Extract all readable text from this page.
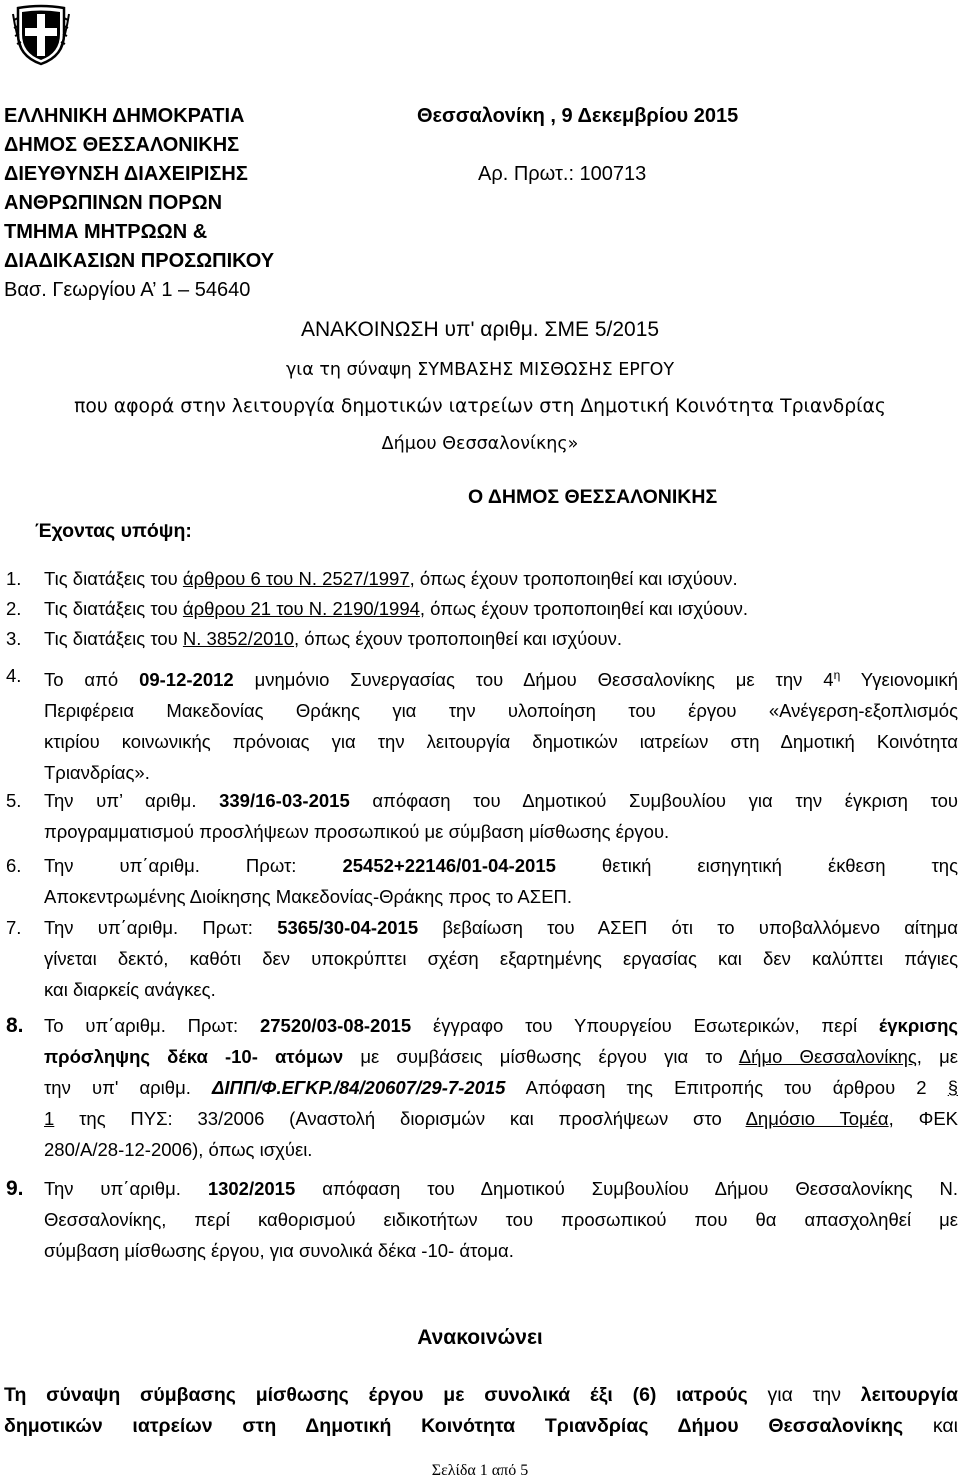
ΕΛΛΗΝΙΚΗ ΔΗΜΟΚΡΑΤΙΑ
ΔΗΜΟΣ ΘΕΣΣΑΛΟΝΙΚΗΣ
ΔΙΕΥΘΥΝΣΗ ΔΙΑΧΕΙΡΙΣΗΣ
ΑΝΘΡΩΠΙΝΩΝ ΠΟΡΩΝ
ΤΜΗΜΑ ΜΗΤΡΩΩΝ &
ΔΙΑΔΙΚΑΣΙΩΝ ΠΡΟΣΩΠΙΚΟΥ
Βασ. Γεωργίου Α’ 1 – 54640
Θεσσαλονίκη , 9 Δεκεμβρίου 2015
Αρ. Πρωτ.: 100713
ΑΝΑΚΟΙΝΩΣΗ υπ' αριθμ. ΣΜΕ 5/2015
για τη σύναψη ΣΥΜΒΑΣΗΣ ΜΙΣΘΩΣΗΣ ΕΡΓΟΥ
που αφορά στην λειτουργία δημοτικών ιατρείων στη Δημοτική Κοινότητα Τριανδρίας
Δήμου Θεσσαλονίκης»
Ο ΔΗΜΟΣ ΘΕΣΣΑΛΟΝΙΚΗΣ
Έχοντας υπόψη:
1. Τις διατάξεις του άρθρου 6 του Ν. 2527/1997, όπως έχουν τροποποιηθεί και ισχύουν.
2. Τις διατάξεις του άρθρου 21 του Ν. 2190/1994, όπως έχουν τροποποιηθεί και ισχύουν.
3. Τις διατάξεις του Ν. 3852/2010, όπως έχουν τροποποιηθεί και ισχύουν.
4. Το από 09-12-2012 μνημόνιο Συνεργασίας του Δήμου Θεσσαλονίκης με την $4^\eta$ Υγειονομική
Περιφέρεια Μακεδονίας Θράκης για την υλοποίηση του έργου «Ανέγερση-εξοπλισμός
κτιρίου κοινωνικής πρόνοιας για την λειτουργία δημοτικών ιατρείων στη Δημοτική Κοινότητα
Τριανδρίας».
5. Την υπ’ αριθμ. 339/16-03-2015 απόφαση του Δημοτικού Συμβουλίου για την έγκριση του
προγραμματισμού προσλήψεων προσωπικού με σύμβαση μίσθωσης έργου.
6. Την υπ΄αριθμ. Πρωτ: 25452+22146/01-04-2015 θετική εισηγητική έκθεση της
Αποκεντρωμένης Διοίκησης Μακεδονίας-Θράκης προς το ΑΣΕΠ.
7. Την υπ΄αριθμ. Πρωτ: 5365/30-04-2015 βεβαίωση του ΑΣΕΠ ότι το υποβαλλόμενο αίτημα
γίνεται δεκτό, καθότι δεν υποκρύπτει σχέση εξαρτημένης εργασίας και δεν καλύπτει πάγιες
και διαρκείς ανάγκες.
8. Το υπ΄αριθμ. Πρωτ: 27520/03-08-2015 έγγραφο του Υπουργείου Εσωτερικών, περί έγκρισης
πρόσληψης δέκα -10- ατόμων με συμβάσεις μίσθωσης έργου για το Δήμο Θεσσαλονίκης, με
την υπ' αριθμ. ΔΙΠΠ/Φ.ΕΓΚΡ./84/20607/29-7-2015 Απόφαση της Επιτροπής του άρθρου 2 §
1 της ΠΥΣ: 33/2006 (Αναστολή διορισμών και προσλήψεων στο Δημόσιο Τομέα, ΦΕΚ
280/Α/28-12-2006), όπως ισχύει.
9. Την υπ΄αριθμ. 1302/2015 απόφαση του Δημοτικού Συμβουλίου Δήμου Θεσσαλονίκης Ν.
Θεσσαλονίκης, περί καθορισμού ειδικοτήτων του προσωπικού που θα απασχοληθεί με
σύμβαση μίσθωσης έργου, για συνολικά δέκα -10- άτομα.
Ανακοινώνει
Τη σύναψη σύμβασης μίσθωσης έργου με συνολικά έξι (6) ιατρούς για την λειτουργία
δημοτικών ιατρείων στη Δημοτική Κοινότητα Τριανδρίας Δήμου Θεσσαλονίκης και
Σελίδα 1 από 5
